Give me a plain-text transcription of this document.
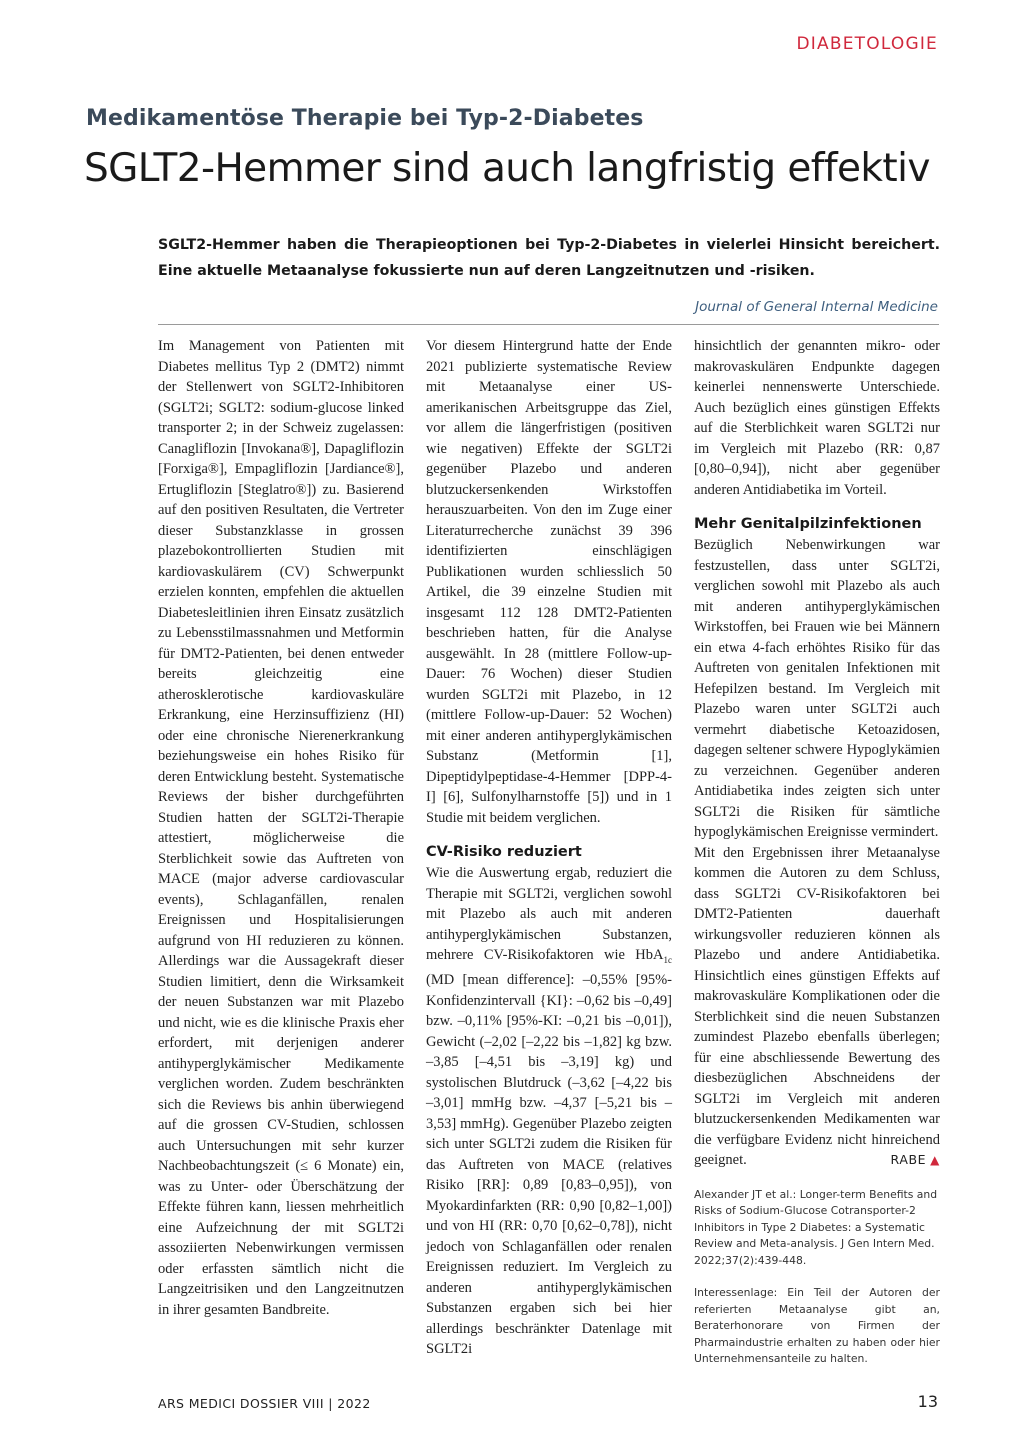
DIABETOLOGIE
Medikamentöse Therapie bei Typ-2-Diabetes
SGLT2-Hemmer sind auch langfristig effektiv
SGLT2-Hemmer haben die Therapieoptionen bei Typ-2-Diabetes in vielerlei Hinsicht bereichert. Eine aktuelle Metaanalyse fokussierte nun auf deren Langzeitnutzen und -risiken.
Journal of General Internal Medicine

Im Management von Patienten mit Diabetes mellitus Typ 2 (DMT2) nimmt der Stellenwert von SGLT2-Inhibitoren (SGLT2i; SGLT2: sodium-glucose linked transporter 2; in der Schweiz zugelassen: Canagliflozin [Invokana®], Dapagliflozin [Forxiga®], Empagliflozin [Jardiance®], Ertugliflozin [Steglatro®]) zu. Basierend auf den positiven Resultaten, die Vertreter dieser Substanzklasse in grossen plazebokontrollierten Studien mit kardiovaskulärem (CV) Schwerpunkt erzielen konnten, empfehlen die aktuellen Diabetesleitlinien ihren Einsatz zusätzlich zu Lebensstilmassnahmen und Metformin für DMT2-Patienten, bei denen entweder bereits gleichzeitig eine atherosklerotische kardiovaskuläre Erkrankung, eine Herzinsuffizienz (HI) oder eine chronische Nierenerkrankung beziehungsweise ein hohes Risiko für deren Entwicklung besteht. Systematische Reviews der bisher durchgeführten Studien hatten der SGLT2i-Therapie attestiert, möglicherweise die Sterblichkeit sowie das Auftreten von MACE (major adverse cardiovascular events), Schlaganfällen, renalen Ereignissen und Hospitalisierungen aufgrund von HI reduzieren zu können. Allerdings war die Aussagekraft dieser Studien limitiert, denn die Wirksamkeit der neuen Substanzen war mit Plazebo und nicht, wie es die klinische Praxis eher erfordert, mit derjenigen anderer antihyperglykämischer Medikamente verglichen worden. Zudem beschränkten sich die Reviews bis anhin überwiegend auf die grossen CV-Studien, schlossen auch Untersuchungen mit sehr kurzer Nachbeobachtungszeit (≤ 6 Monate) ein, was zu Unter- oder Überschätzung der Effekte führen kann, liessen mehrheitlich eine Aufzeichnung der mit SGLT2i assoziierten Nebenwirkungen vermissen oder erfassten sämtlich nicht die Langzeitrisiken und den Langzeitnutzen in ihrer gesamten Bandbreite.

Vor diesem Hintergrund hatte der Ende 2021 publizierte systematische Review mit Metaanalyse einer US-amerikanischen Arbeitsgruppe das Ziel, vor allem die längerfristigen (positiven wie negativen) Effekte der SGLT2i gegenüber Plazebo und anderen blutzuckersenkenden Wirkstoffen herauszuarbeiten. Von den im Zuge einer Literaturrecherche zunächst 39 396 identifizierten einschlägigen Publikationen wurden schliesslich 50 Artikel, die 39 einzelne Studien mit insgesamt 112 128 DMT2-Patienten beschrieben hatten, für die Analyse ausgewählt. In 28 (mittlere Follow-up-Dauer: 76 Wochen) dieser Studien wurden SGLT2i mit Plazebo, in 12 (mittlere Follow-up-Dauer: 52 Wochen) mit einer anderen antihyperglykämischen Substanz (Metformin [1], Dipeptidylpeptidase-4-Hemmer [DPP-4-I] [6], Sulfonylharnstoffe [5]) und in 1 Studie mit beidem verglichen.

CV-Risiko reduziert

Wie die Auswertung ergab, reduziert die Therapie mit SGLT2i, verglichen sowohl mit Plazebo als auch mit anderen antihyperglykämischen Substanzen, mehrere CV-Risikofaktoren wie HbA$_{1c}$ (MD [mean difference]: –0,55% [95%-Konfidenzintervall {KI}: –0,62 bis –0,49] bzw. –0,11% [95%-KI: –0,21 bis –0,01]), Gewicht (–2,02 [–2,22 bis –1,82] kg bzw. –3,85 [–4,51 bis –3,19] kg) und systolischen Blutdruck (–3,62 [–4,22 bis –3,01] mmHg bzw. –4,37 [–5,21 bis –3,53] mmHg). Gegenüber Plazebo zeigten sich unter SGLT2i zudem die Risiken für das Auftreten von MACE (relatives Risiko [RR]: 0,89 [0,83–0,95]), von Myokardinfarkten (RR: 0,90 [0,82–1,00]) und von HI (RR: 0,70 [0,62–0,78]), nicht jedoch von Schlaganfällen oder renalen Ereignissen reduziert. Im Vergleich zu anderen antihyperglykämischen Substanzen ergaben sich bei hier allerdings beschränkter Datenlage mit SGLT2i

hinsichtlich der genannten mikro- oder makrovaskulären Endpunkte dagegen keinerlei nennenswerte Unterschiede. Auch bezüglich eines günstigen Effekts auf die Sterblichkeit waren SGLT2i nur im Vergleich mit Plazebo (RR: 0,87 [0,80–0,94]), nicht aber gegenüber anderen Antidiabetika im Vorteil.

Mehr Genitalpilzinfektionen

Bezüglich Nebenwirkungen war festzustellen, dass unter SGLT2i, verglichen sowohl mit Plazebo als auch mit anderen antihyperglykämischen Wirkstoffen, bei Frauen wie bei Männern ein etwa 4-fach erhöhtes Risiko für das Auftreten von genitalen Infektionen mit Hefepilzen bestand. Im Vergleich mit Plazebo waren unter SGLT2i auch vermehrt diabetische Ketoazidosen, dagegen seltener schwere Hypoglykämien zu verzeichnen. Gegenüber anderen Antidiabetika indes zeigten sich unter SGLT2i die Risiken für sämtliche hypoglykämischen Ereignisse vermindert.

Mit den Ergebnissen ihrer Metaanalyse kommen die Autoren zu dem Schluss, dass SGLT2i CV-Risikofaktoren bei DMT2-Patienten dauerhaft wirkungsvoller reduzieren können als Plazebo und andere Antidiabetika. Hinsichtlich eines günstigen Effekts auf makrovaskuläre Komplikationen oder die Sterblichkeit sind die neuen Substanzen zumindest Plazebo ebenfalls überlegen; für eine abschliessende Bewertung des diesbezüglichen Abschneidens der SGLT2i im Vergleich mit anderen blutzuckersenkenden Medikamenten war die verfügbare Evidenz nicht hinreichend geeignet.	RABE ▲

Alexander JT et al.: Longer-term Benefits and Risks of Sodium-Glucose Cotransporter-2 Inhibitors in Type 2 Diabetes: a Systematic Review and Meta-analysis. J Gen Intern Med. 2022;37(2):439-448.
Interessenlage: Ein Teil der Autoren der referierten Metaanalyse gibt an, Beraterhonorare von Firmen der Pharmaindustrie erhalten zu haben oder hier Unternehmensanteile zu halten.
ARS MEDICI DOSSIER VIII | 2022	13
